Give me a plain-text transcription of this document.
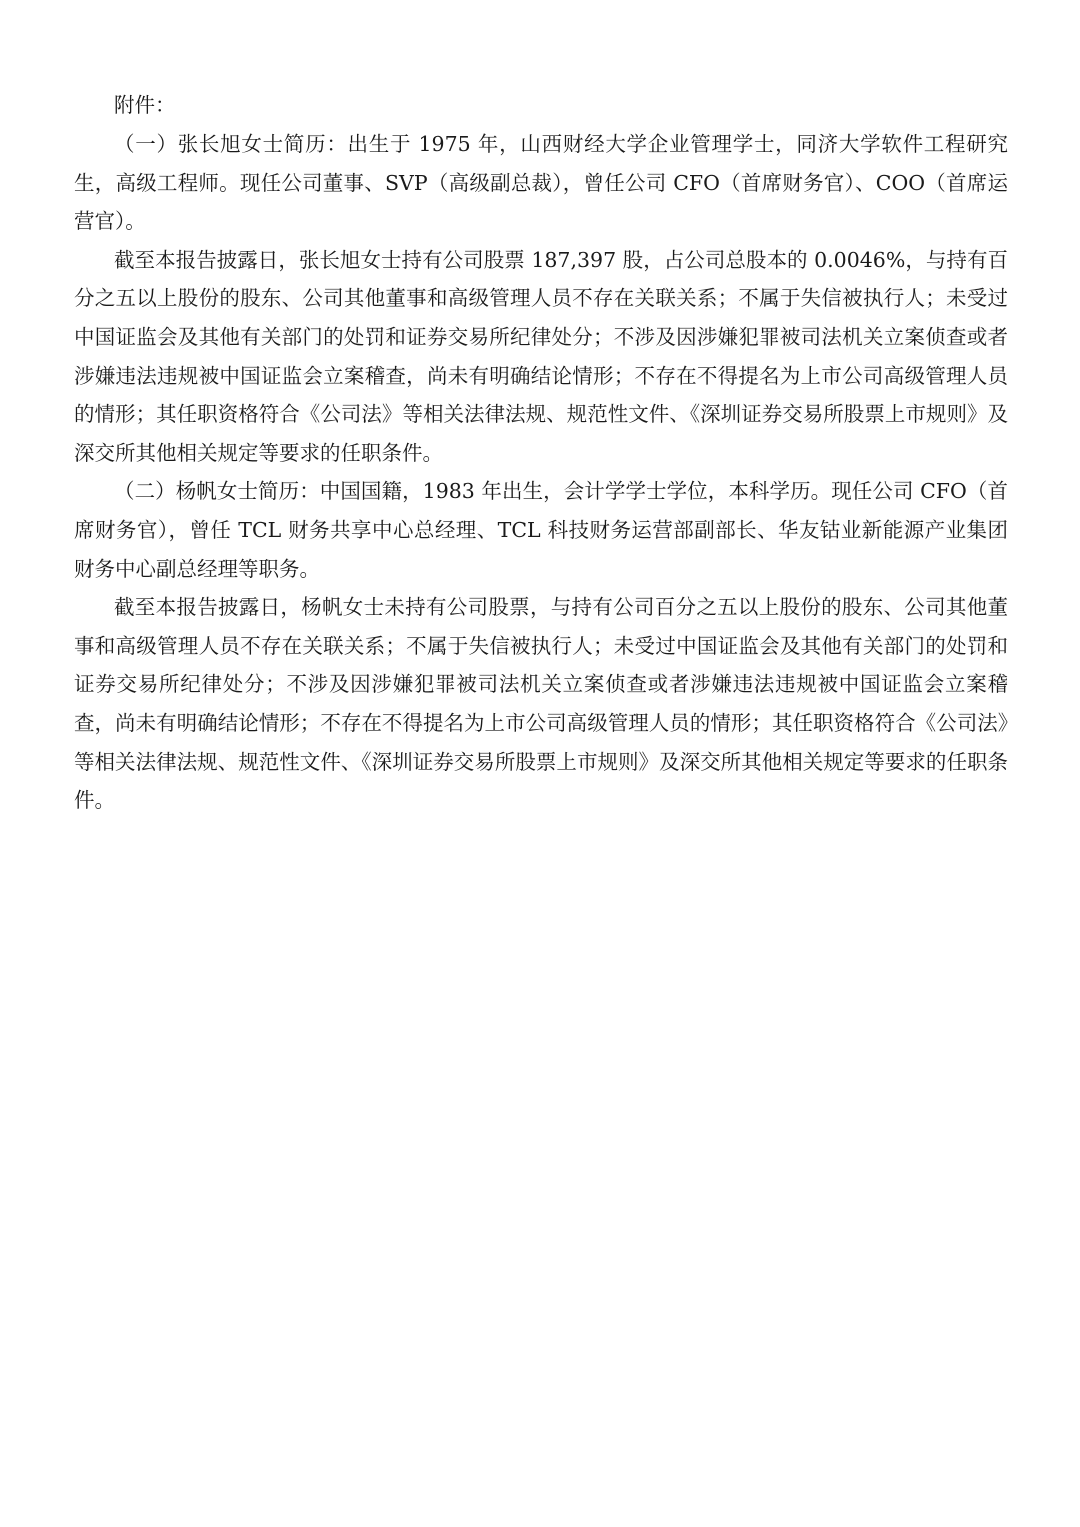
附件：

（一）张长旭女士简历：出生于 1975 年，山西财经大学企业管理学士，同济大学软件工程研究生，高级工程师。现任公司董事、SVP（高级副总裁），曾任公司 CFO（首席财务官）、COO（首席运营官）。

截至本报告披露日，张长旭女士持有公司股票 187,397 股，占公司总股本的 0.0046%，与持有百分之五以上股份的股东、公司其他董事和高级管理人员不存在关联关系；不属于失信被执行人；未受过中国证监会及其他有关部门的处罚和证券交易所纪律处分；不涉及因涉嫌犯罪被司法机关立案侦查或者涉嫌违法违规被中国证监会立案稽查，尚未有明确结论情形；不存在不得提名为上市公司高级管理人员的情形；其任职资格符合《公司法》等相关法律法规、规范性文件、《深圳证券交易所股票上市规则》及深交所其他相关规定等要求的任职条件。

（二）杨帆女士简历：中国国籍，1983 年出生，会计学学士学位，本科学历。现任公司 CFO（首席财务官），曾任 TCL 财务共享中心总经理、TCL 科技财务运营部副部长、华友钴业新能源产业集团财务中心副总经理等职务。

截至本报告披露日，杨帆女士未持有公司股票，与持有公司百分之五以上股份的股东、公司其他董事和高级管理人员不存在关联关系；不属于失信被执行人；未受过中国证监会及其他有关部门的处罚和证券交易所纪律处分；不涉及因涉嫌犯罪被司法机关立案侦查或者涉嫌违法违规被中国证监会立案稽查，尚未有明确结论情形；不存在不得提名为上市公司高级管理人员的情形；其任职资格符合《公司法》等相关法律法规、规范性文件、《深圳证券交易所股票上市规则》及深交所其他相关规定等要求的任职条件。
